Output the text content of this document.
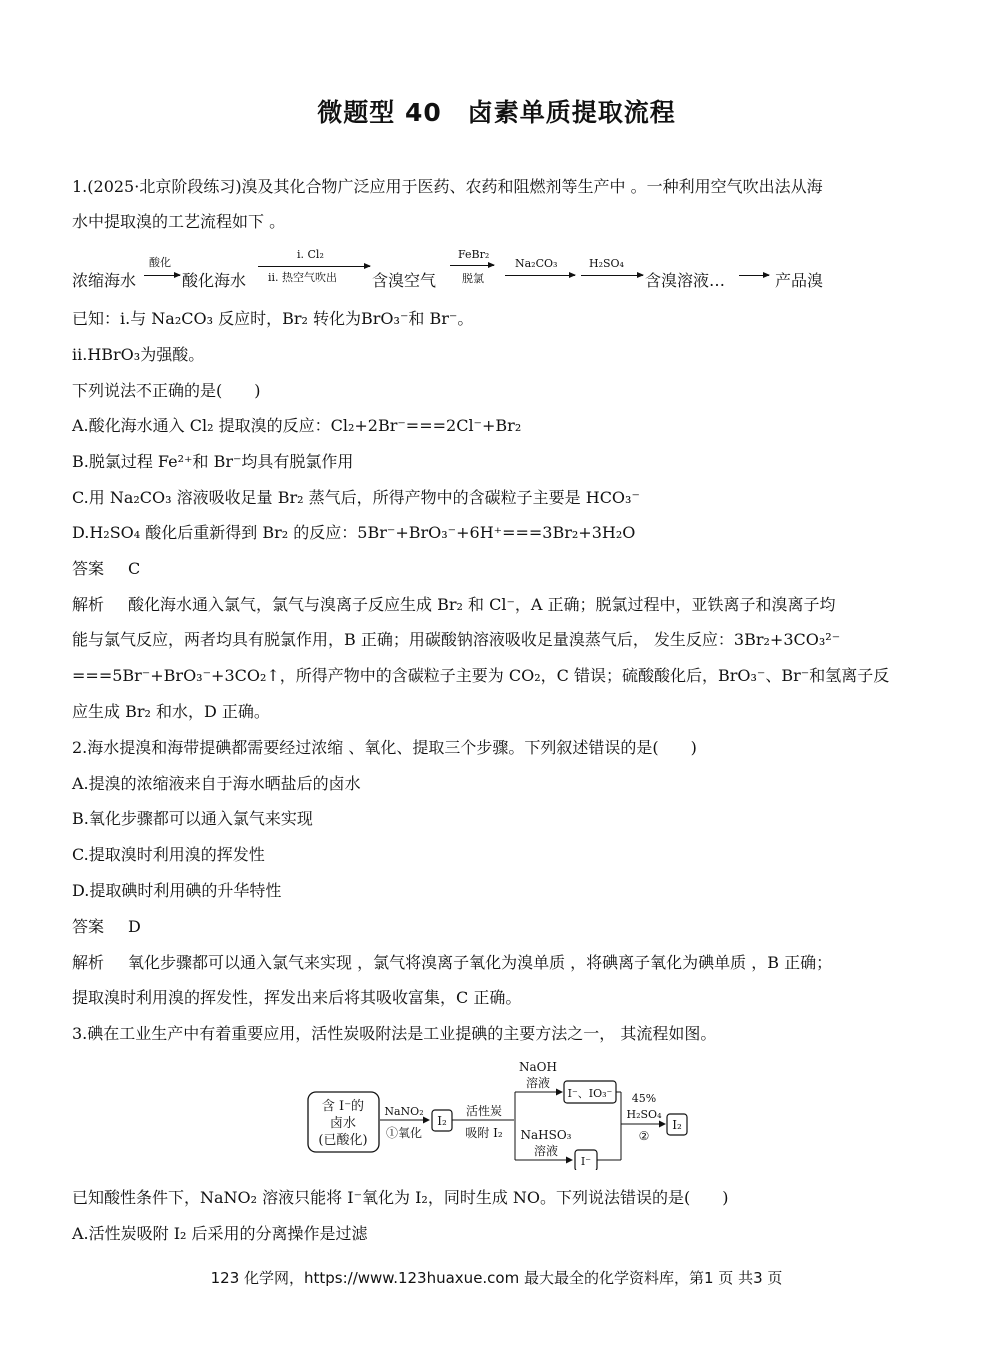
微题型 40　卤素单质提取流程
1.(2025·北京阶段练习)溴及其化合物广泛应用于医药、农药和阻燃剂等生产中 。一种利用空气吹出法从海
水中提取溴的工艺流程如下 。
浓缩海水
酸化
酸化海水
ⅰ. Cl₂
ⅱ. 热空气吹出 含溴空气
FeBr₂
脱氯
Na₂CO₃	H₂SO₄
含溴溶液…	产品溴
已知：ⅰ.与 Na₂CO₃ 反应时，Br₂ 转化为BrO₃⁻和 Br⁻。
ⅱ.HBrO₃为强酸。
下列说法不正确的是(　　)
A.酸化海水通入 Cl₂ 提取溴的反应：Cl₂+2Br⁻===2Cl⁻+Br₂
B.脱氯过程 Fe²⁺和 Br⁻均具有脱氯作用
C.用 Na₂CO₃ 溶液吸收足量 Br₂ 蒸气后，所得产物中的含碳粒子主要是 HCO₃⁻
D.H₂SO₄ 酸化后重新得到 Br₂ 的反应：5Br⁻+BrO₃⁻+6H⁺===3Br₂+3H₂O
答案 C
解析 酸化海水通入氯气，氯气与溴离子反应生成 Br₂ 和 Cl⁻，A 正确；脱氯过程中，亚铁离子和溴离子均
能与氯气反应，两者均具有脱氯作用，B 正确；用碳酸钠溶液吸收足量溴蒸气后， 发生反应：3Br₂+3CO₃²⁻
===5Br⁻+BrO₃⁻+3CO₂↑，所得产物中的含碳粒子主要为 CO₂，C 错误；硫酸酸化后，BrO₃⁻、Br⁻和氢离子反
应生成 Br₂ 和水，D 正确。
2.海水提溴和海带提碘都需要经过浓缩 、氧化、提取三个步骤。下列叙述错误的是(　　)
A.提溴的浓缩液来自于海水晒盐后的卤水
B.氧化步骤都可以通入氯气来实现
C.提取溴时利用溴的挥发性
D.提取碘时利用碘的升华特性
答案 D
解析 氧化步骤都可以通入氯气来实现 ，氯气将溴离子氧化为溴单质 ，将碘离子氧化为碘单质 ，B 正确；
提取溴时利用溴的挥发性，挥发出来后将其吸收富集，C 正确。
3.碘在工业生产中有着重要应用，活性炭吸附法是工业提碘的主要方法之一， 其流程如图。
含 I⁻的
卤水
(已酸化)
NaNO₂
①氧化
I₂
活性炭
吸附 I₂
NaOH
溶液
I⁻、IO₃⁻
NaHSO₃
溶液
I⁻
45%
H₂SO₄
②
I₂
已知酸性条件下，NaNO₂ 溶液只能将 I⁻氧化为 I₂，同时生成 NO。下列说法错误的是(　　)
A.活性炭吸附 I₂ 后采用的分离操作是过滤
123 化学网，https://www.123huaxue.com 最大最全的化学资料库，第1 页 共3 页
